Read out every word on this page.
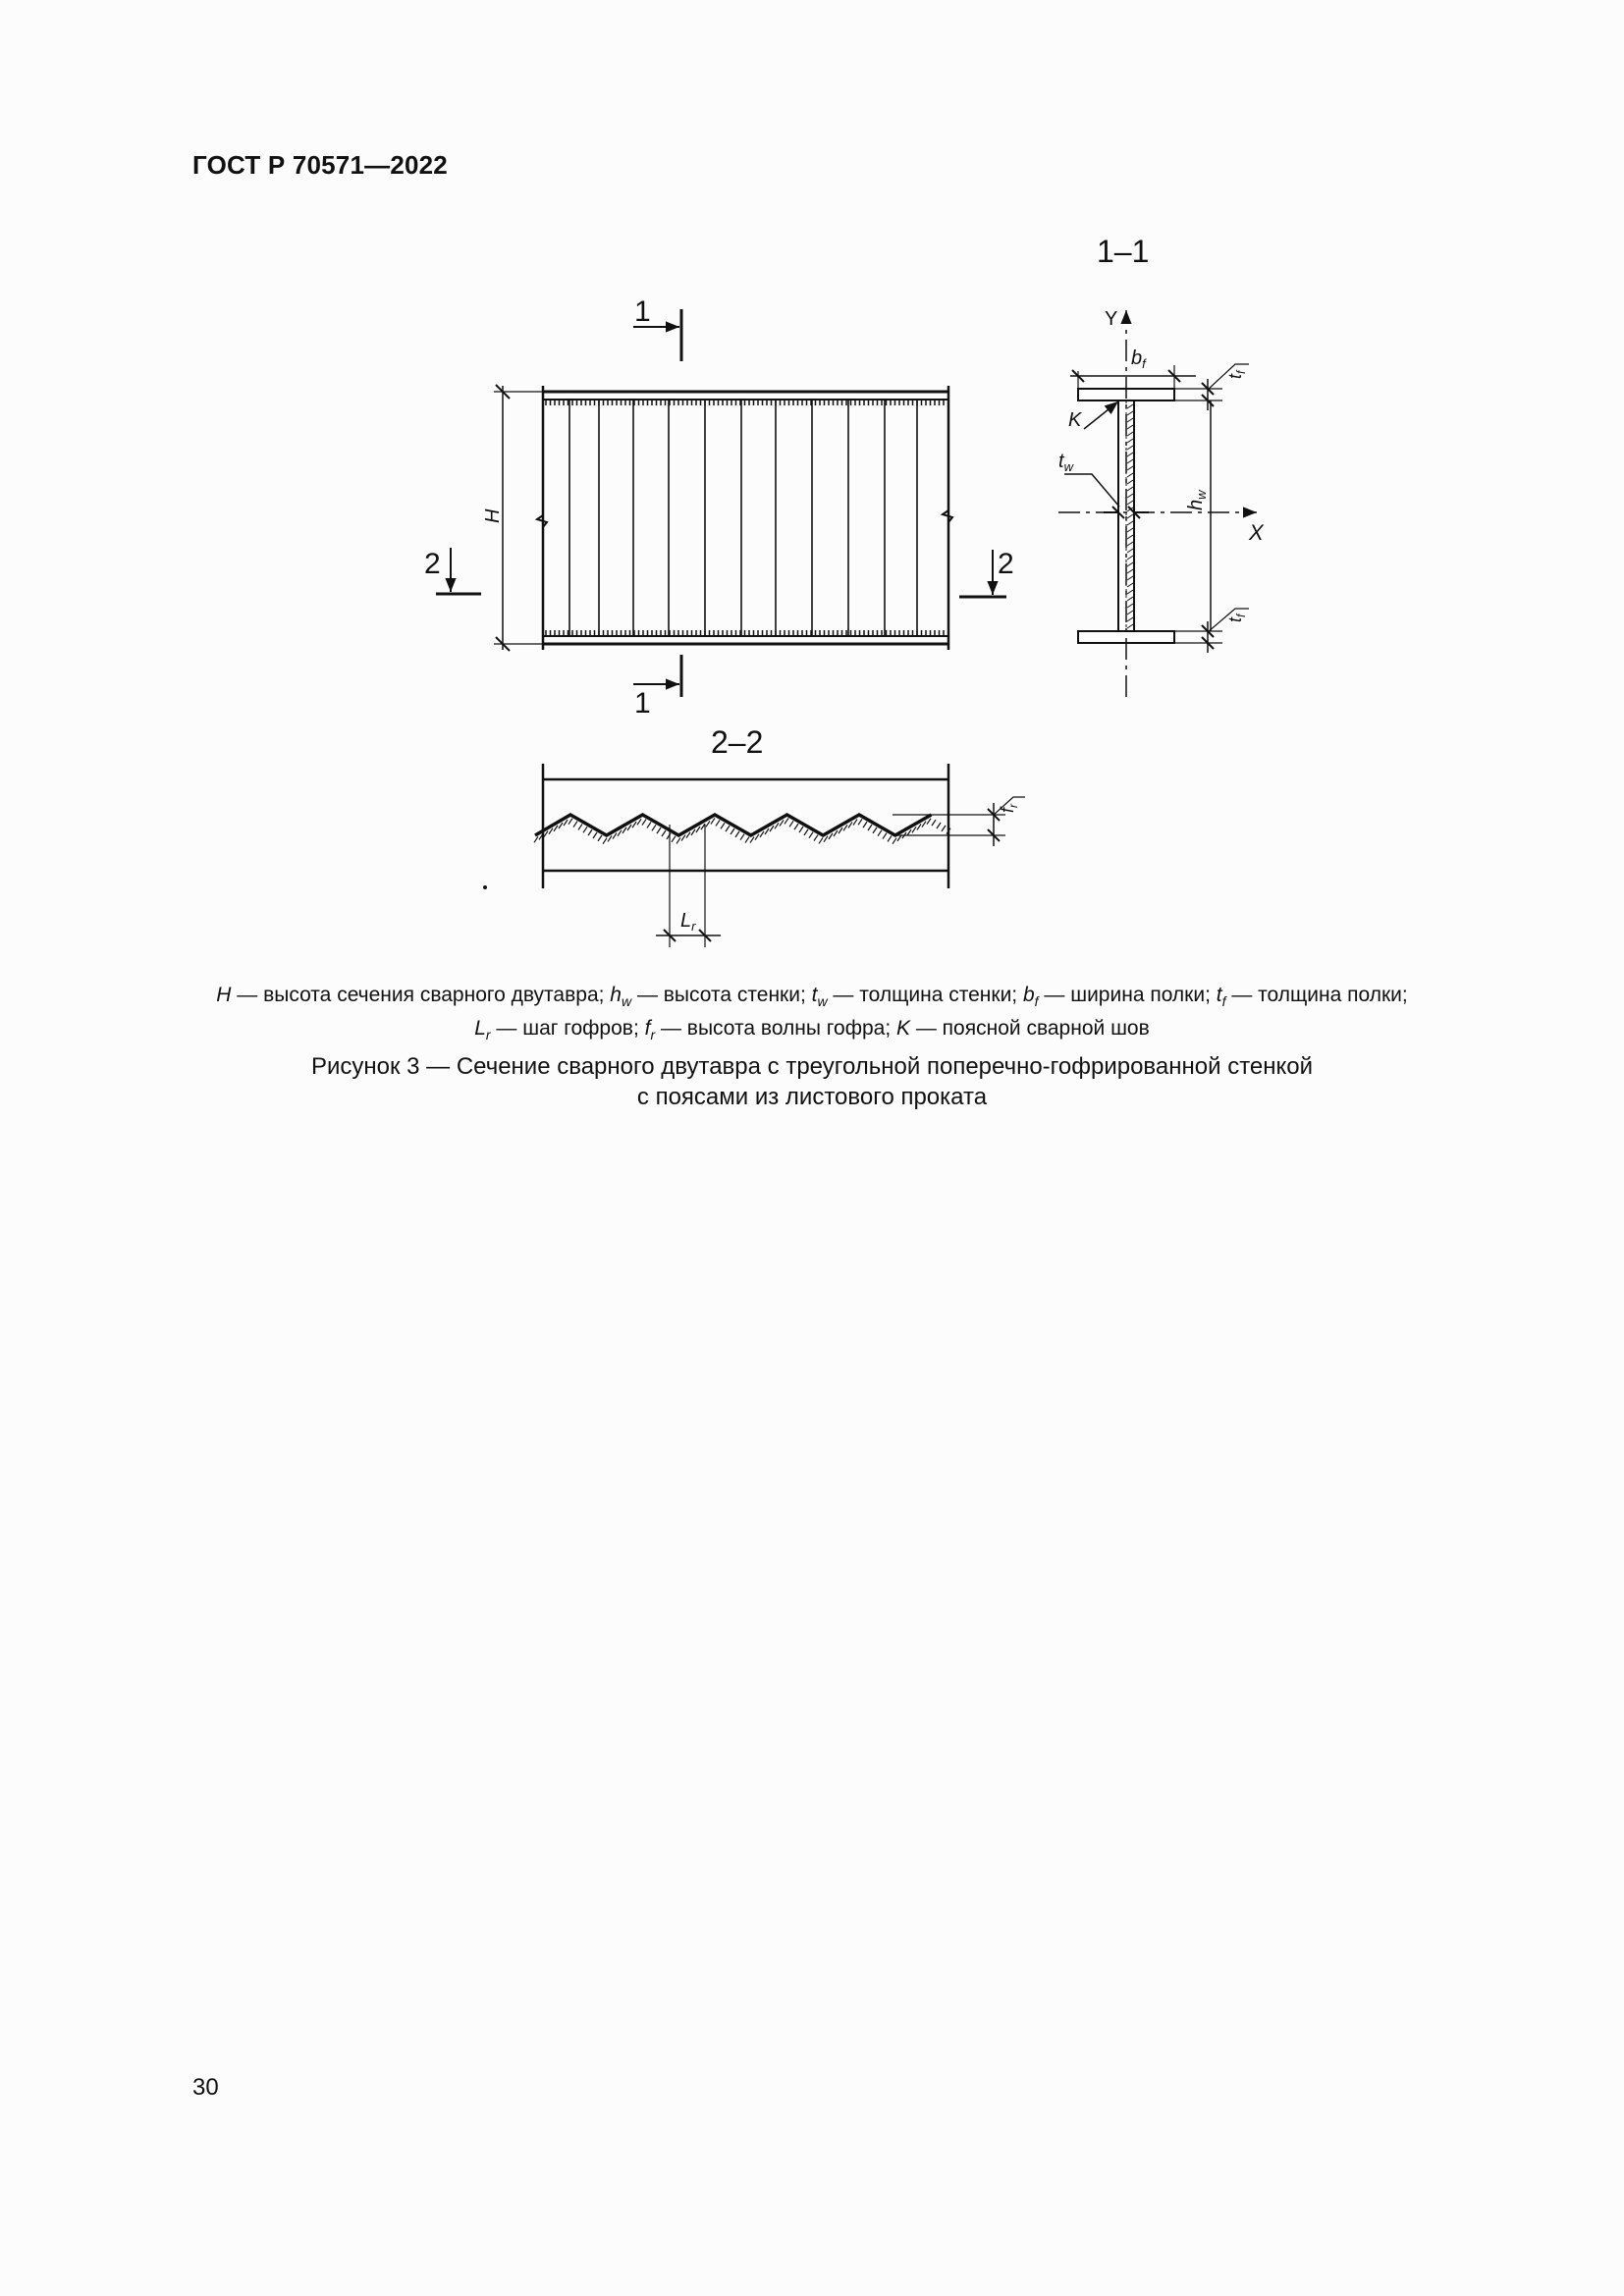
ГОСТ Р 70571—2022
1
1
2	2
H
1–1
Y
X
$b_f$
$t_f$
$t_f$
$h_w$
K
$t_w$
2–2
$f_r$
$L_r$
H — высота сечения сварного двутавра; $h_w$ — высота стенки; $t_w$ — толщина стенки; $b_f$ — ширина полки; $t_f$ — толщина полки;
$L_r$ — шаг гофров; $f_r$ — высота волны гофра; K — поясной сварной шов
Рисунок 3 — Сечение сварного двутавра с треугольной поперечно-гофрированной стенкой
с поясами из листового проката
30
